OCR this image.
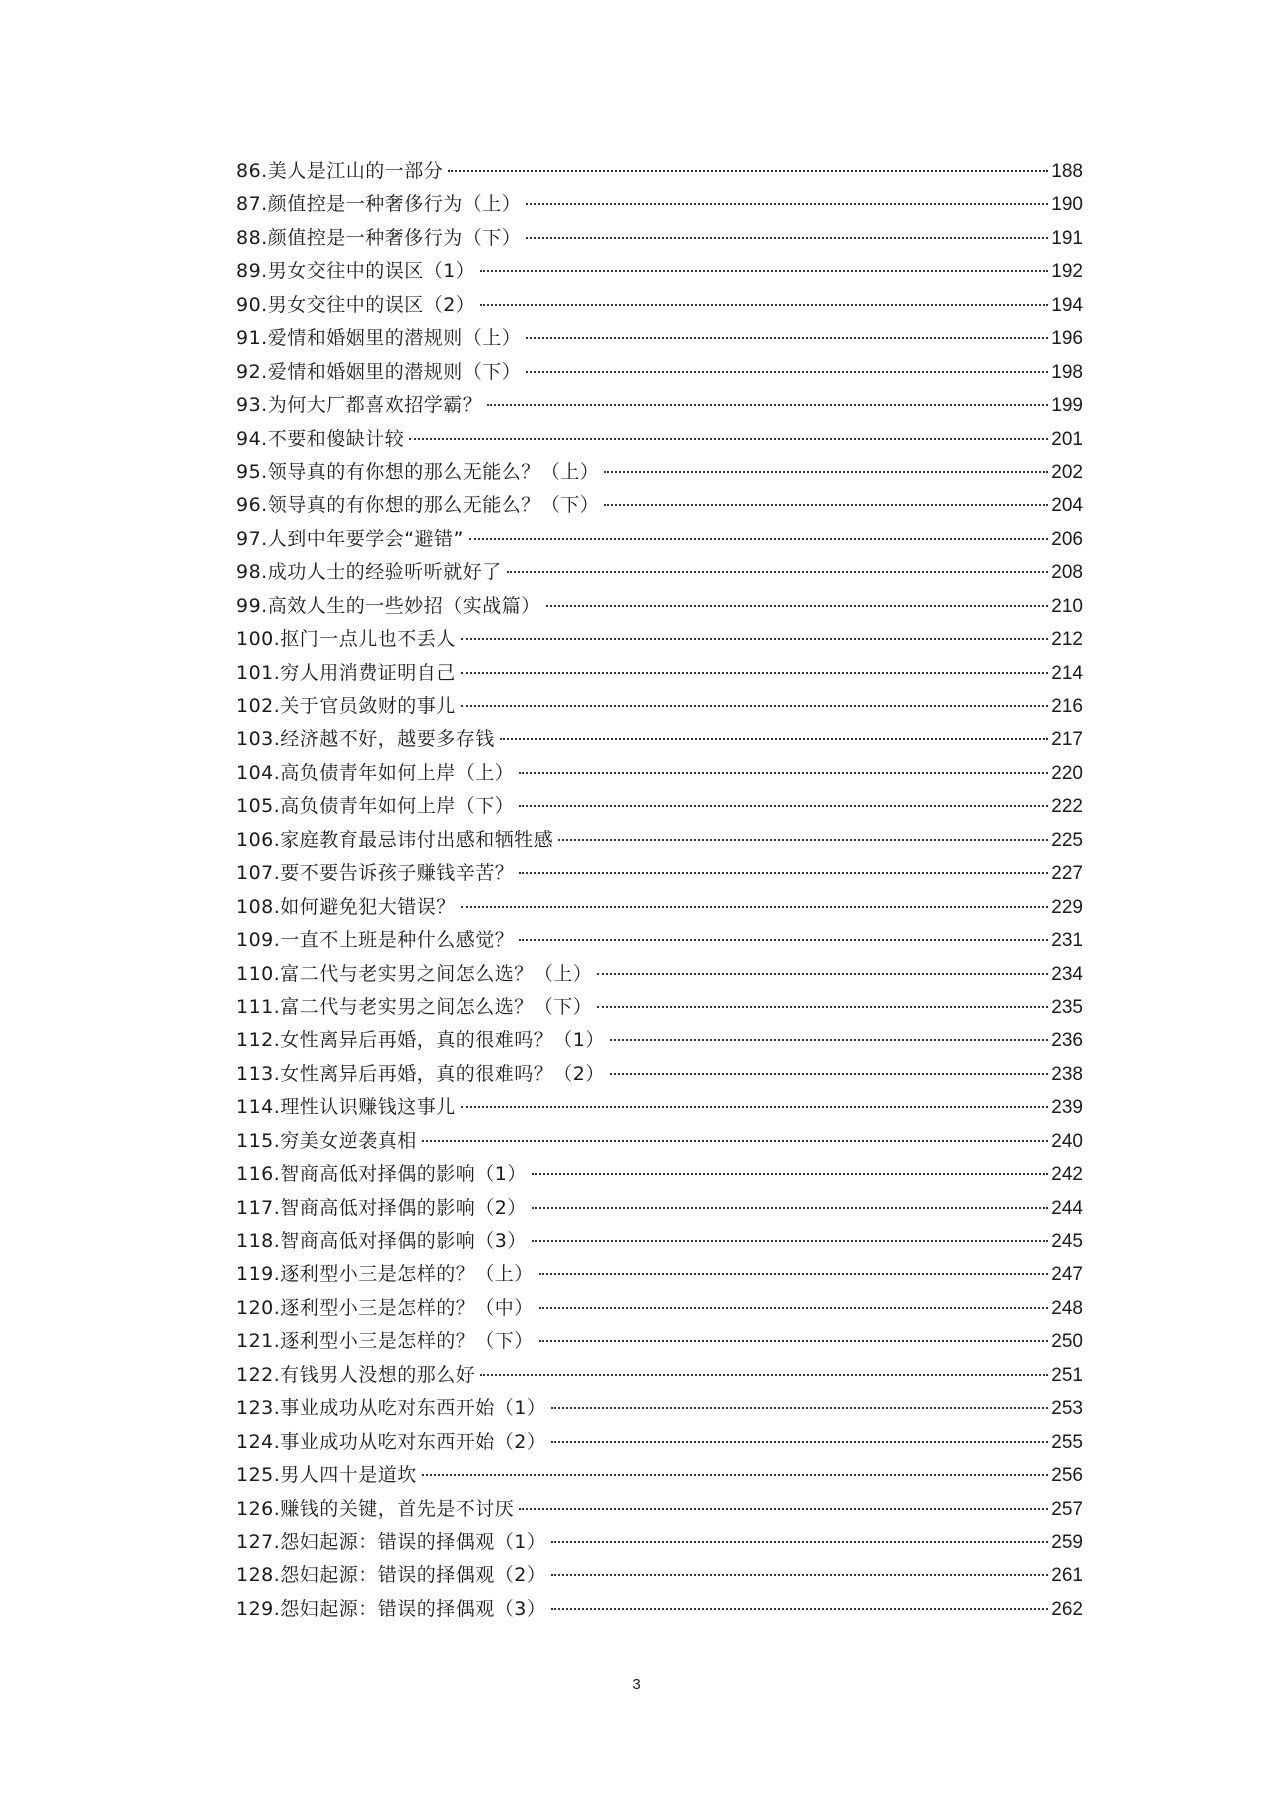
86.美人是江山的一部分	188
87.颜值控是一种奢侈行为（上）	190
88.颜值控是一种奢侈行为（下）	191
89.男女交往中的误区（1）	192
90.男女交往中的误区（2）	194
91.爱情和婚姻里的潜规则（上）	196
92.爱情和婚姻里的潜规则（下）	198
93.为何大厂都喜欢招学霸？	199
94.不要和傻缺计较	201
95.领导真的有你想的那么无能么？（上）	202
96.领导真的有你想的那么无能么？（下）	204
97.人到中年要学会“避错”	206
98.成功人士的经验听听就好了	208
99.高效人生的一些妙招（实战篇）	210
100.抠门一点儿也不丢人	212
101.穷人用消费证明自己	214
102.关于官员敛财的事儿	216
103.经济越不好，越要多存钱	217
104.高负债青年如何上岸（上）	220
105.高负债青年如何上岸（下）	222
106.家庭教育最忌讳付出感和牺牲感	225
107.要不要告诉孩子赚钱辛苦？	227
108.如何避免犯大错误？	229
109.一直不上班是种什么感觉？	231
110.富二代与老实男之间怎么选？（上）	234
111.富二代与老实男之间怎么选？（下）	235
112.女性离异后再婚，真的很难吗？（1）	236
113.女性离异后再婚，真的很难吗？（2）	238
114.理性认识赚钱这事儿	239
115.穷美女逆袭真相	240
116.智商高低对择偶的影响（1）	242
117.智商高低对择偶的影响（2）	244
118.智商高低对择偶的影响（3）	245
119.逐利型小三是怎样的？（上）	247
120.逐利型小三是怎样的？（中）	248
121.逐利型小三是怎样的？（下）	250
122.有钱男人没想的那么好	251
123.事业成功从吃对东西开始（1）	253
124.事业成功从吃对东西开始（2）	255
125.男人四十是道坎	256
126.赚钱的关键，首先是不讨厌	257
127.怨妇起源：错误的择偶观（1）	259
128.怨妇起源：错误的择偶观（2）	261
129.怨妇起源：错误的择偶观（3）	262
3
